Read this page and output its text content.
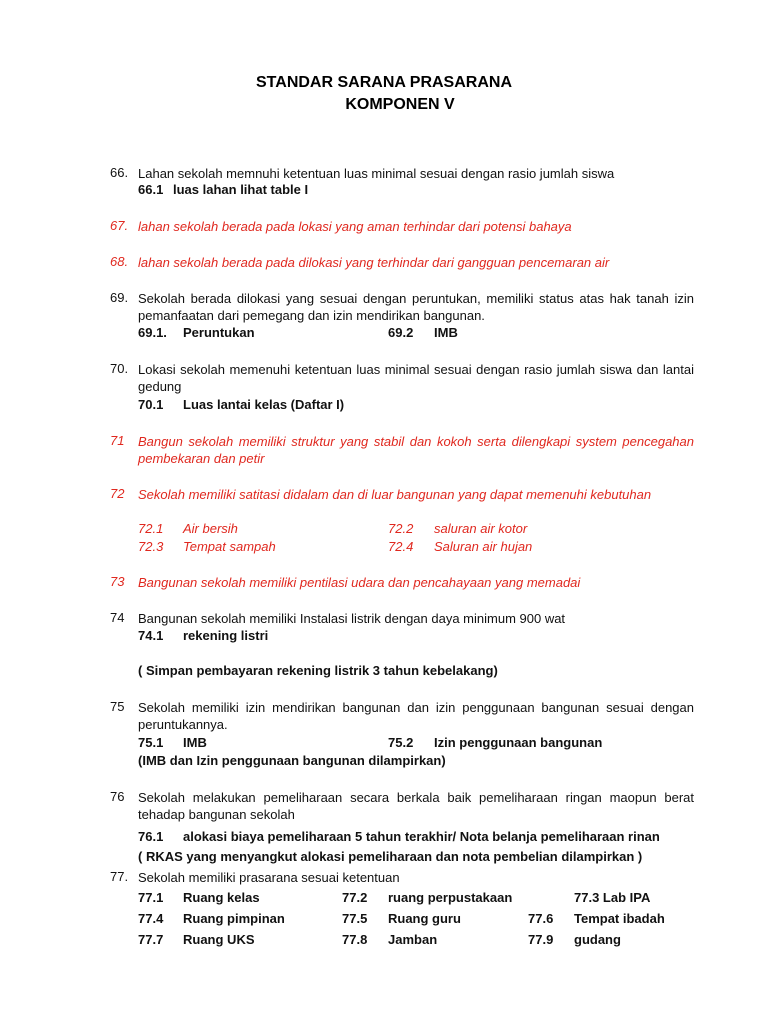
STANDAR SARANA PRASARANA
KOMPONEN V
66. Lahan sekolah memnuhi ketentuan luas minimal sesuai dengan rasio jumlah siswa
66.1 luas lahan lihat table I
67. lahan sekolah berada pada lokasi yang aman terhindar dari potensi bahaya
68. lahan sekolah berada pada dilokasi yang terhindar dari gangguan pencemaran air
69. Sekolah berada dilokasi yang sesuai dengan peruntukan, memiliki status atas hak tanah izin pemanfaatan dari pemegang dan izin mendirikan bangunan.
69.1. Peruntukan	69.2 IMB
70. Lokasi sekolah memenuhi ketentuan luas minimal sesuai dengan rasio jumlah siswa dan lantai gedung
70.1 Luas lantai kelas (Daftar I)
71 Bangun sekolah memiliki struktur yang stabil dan kokoh serta dilengkapi system pencegahan pembekaran dan petir
72 Sekolah memiliki satitasi didalam dan di luar bangunan yang dapat memenuhi kebutuhan
72.1 Air bersih	72.2 saluran air kotor
72.3 Tempat sampah	72.4 Saluran air hujan
73 Bangunan sekolah memiliki pentilasi udara dan pencahayaan yang memadai
74 Bangunan sekolah memiliki Instalasi listrik dengan daya minimum 900 wat
74.1 rekening listri
( Simpan pembayaran rekening listrik 3 tahun kebelakang)
75 Sekolah memiliki izin mendirikan bangunan dan izin penggunaan bangunan sesuai dengan peruntukannya.
75.1 IMB	75.2 Izin penggunaan bangunan
(IMB dan Izin penggunaan bangunan dilampirkan)
76 Sekolah melakukan pemeliharaan secara berkala baik pemeliharaan ringan maopun berat tehadap bangunan sekolah
76.1 alokasi biaya pemeliharaan 5 tahun terakhir/ Nota belanja pemeliharaan rinan
( RKAS yang menyangkut alokasi pemeliharaan dan nota pembelian dilampirkan )
77. Sekolah memiliki prasarana sesuai ketentuan
77.1 Ruang kelas	77.2 ruang perpustakaan	77.3 Lab IPA
77.4 Ruang pimpinan	77.5 Ruang guru	77.6 Tempat ibadah
77.7 Ruang UKS	77.8 Jamban	77.9 gudang
